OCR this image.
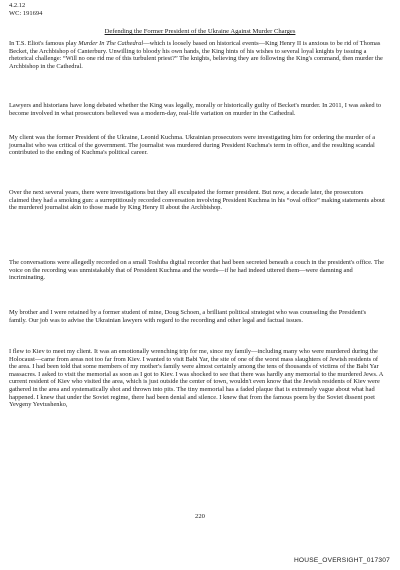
4.2.12
WC: 191694
Defending the Former President of the Ukraine Against Murder Charges

In T.S. Eliot's famous play Murder In The Cathedral—which is loosely based on historical events—King Henry II is anxious to be rid of Thomas Becket, the Archbishop of Canterbury. Unwilling to bloody his own hands, the King hints of his wishes to several loyal knights by issuing a rhetorical challenge: “Will no one rid me of this turbulent priest?” The knights, believing they are following the King's command, then murder the Archbishop in the Cathedral.

Lawyers and historians have long debated whether the King was legally, morally or historically guilty of Becket's murder. In 2011, I was asked to become involved in what prosecutors believed was a modern-day, real-life variation on murder in the Cathedral.

My client was the former President of the Ukraine, Leonid Kuchma. Ukrainian prosecutors were investigating him for ordering the murder of a journalist who was critical of the government. The journalist was murdered during President Kuchma's term in office, and the resulting scandal contributed to the ending of Kuchma's political career.

Over the next several years, there were investigations but they all exculpated the former president. But now, a decade later, the prosecutors claimed they had a smoking gun: a surreptitiously recorded conversation involving President Kuchma in his “oval office” making statements about the murdered journalist akin to those made by King Henry II about the Archbishop.

The conversations were allegedly recorded on a small Toshiba digital recorder that had been secreted beneath a couch in the president's office. The voice on the recording was unmistakably that of President Kuchma and the words—if he had indeed uttered them—were damning and incriminating.

My brother and I were retained by a former student of mine, Doug Schoen, a brilliant political strategist who was counseling the President's family. Our job was to advise the Ukrainian lawyers with regard to the recording and other legal and factual issues.

I flew to Kiev to meet my client. It was an emotionally wrenching trip for me, since my family—including many who were murdered during the Holocaust—came from areas not too far from Kiev. I wanted to visit Babi Yar, the site of one of the worst mass slaughters of Jewish residents of the area. I had been told that some members of my mother's family were almost certainly among the tens of thousands of victims of the Babi Yar massacres. I asked to visit the memorial as soon as I got to Kiev. I was shocked to see that there was hardly any memorial to the murdered Jews. A current resident of Kiev who visited the area, which is just outside the center of town, wouldn't even know that the Jewish residents of Kiev were gathered in the area and systematically shot and thrown into pits. The tiny memorial has a faded plaque that is extremely vague about what had happened. I knew that under the Soviet regime, there had been denial and silence. I knew that from the famous poem by the Soviet dissent poet Yevgeny Yevtushenko,

220
HOUSE_OVERSIGHT_017307
